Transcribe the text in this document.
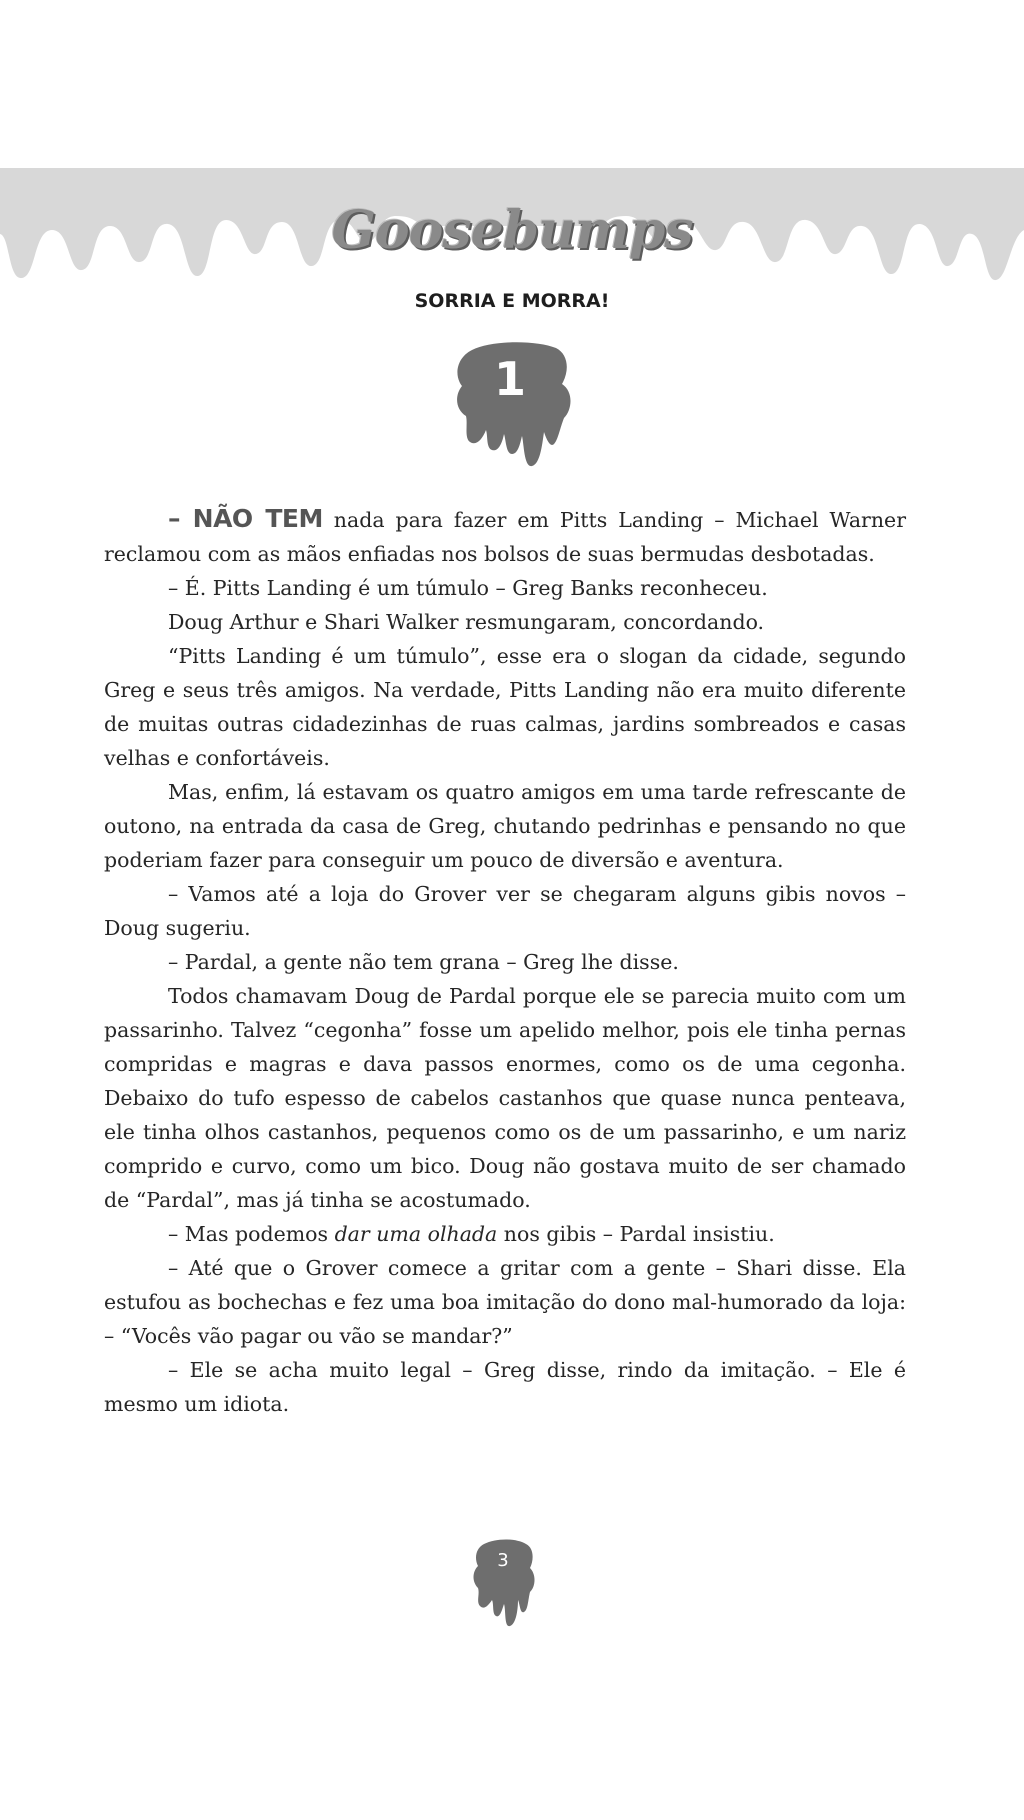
Goosebumps
SORRIA E MORRA!
1

– NÃO TEM nada para fazer em Pitts Landing – Michael Warner reclamou com as mãos enfiadas nos bolsos de suas bermudas desbotadas.

– É. Pitts Landing é um túmulo – Greg Banks reconheceu.

Doug Arthur e Shari Walker resmungaram, concordando.

“Pitts Landing é um túmulo”, esse era o slogan da cidade, segundo Greg e seus três amigos. Na verdade, Pitts Landing não era muito diferente de muitas outras cidadezinhas de ruas calmas, jardins sombreados e casas velhas e confortáveis.

Mas, enfim, lá estavam os quatro amigos em uma tarde refrescante de outono, na entrada da casa de Greg, chutando pedrinhas e pensando no que poderiam fazer para conseguir um pouco de diversão e aventura.

– Vamos até a loja do Grover ver se chegaram alguns gibis novos – Doug sugeriu.

– Pardal, a gente não tem grana – Greg lhe disse.

Todos chamavam Doug de Pardal porque ele se parecia muito com um passarinho. Talvez “cegonha” fosse um apelido melhor, pois ele tinha pernas compridas e magras e dava passos enormes, como os de uma cegonha. Debaixo do tufo espesso de cabelos castanhos que quase nunca penteava, ele tinha olhos castanhos, pequenos como os de um passarinho, e um nariz comprido e curvo, como um bico. Doug não gostava muito de ser chamado de “Pardal”, mas já tinha se acostumado.

– Mas podemos dar uma olhada nos gibis – Pardal insistiu.

– Até que o Grover comece a gritar com a gente – Shari disse. Ela estufou as bochechas e fez uma boa imitação do dono mal-humorado da loja: – “Vocês vão pagar ou vão se mandar?”

– Ele se acha muito legal – Greg disse, rindo da imitação. – Ele é mesmo um idiota.

3
